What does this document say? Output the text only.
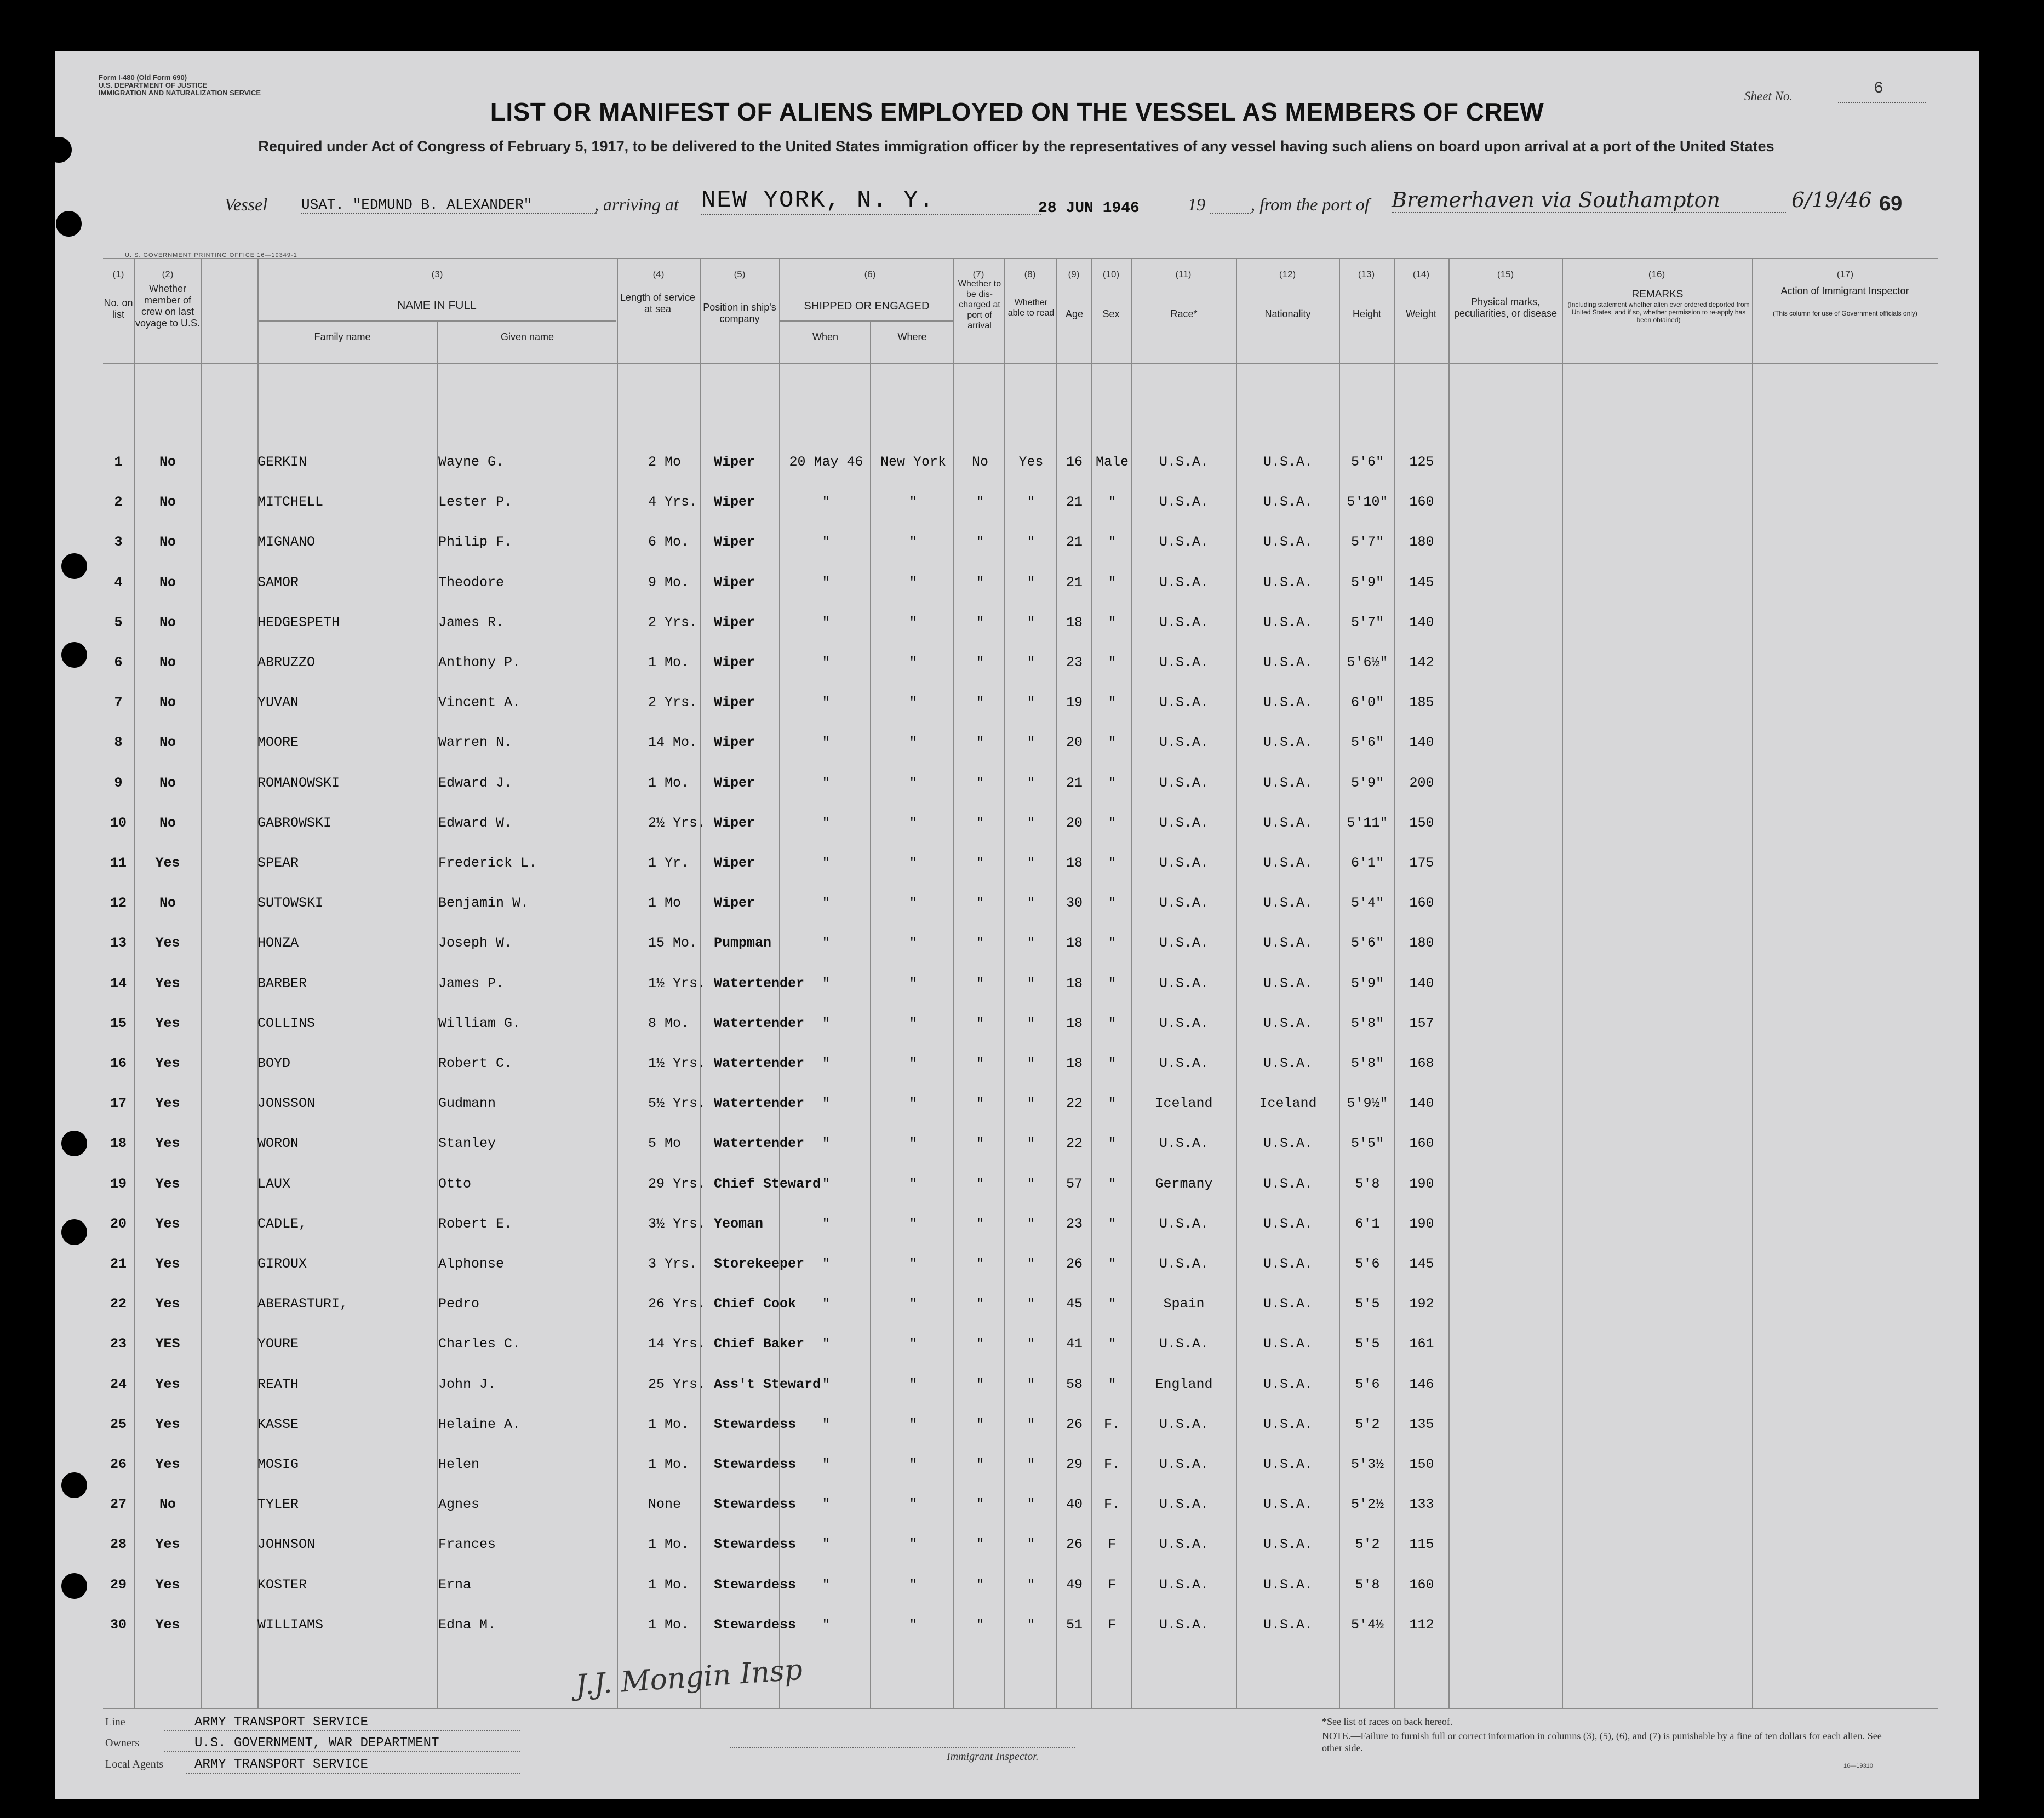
Form I-480 (Old Form 690)
U.S. DEPARTMENT OF JUSTICE
IMMIGRATION AND NATURALIZATION SERVICE	Sheet No.	6
LIST OR MANIFEST OF ALIENS EMPLOYED ON THE VESSEL AS MEMBERS OF CREW
Required under Act of Congress of February 5, 1917, to be delivered to the United States immigration officer by the representatives of any vessel having such aliens on board upon arrival at a port of the United States
Vessel USAT. "EDMUND B. ALEXANDER"	, arriving at NEW YORK, N. Y.	28 JUN 1946	19	, from the port of Bremerhaven via Southampton	6/19/46 69
U. S. GOVERNMENT PRINTING OFFICE 16—19349-1
(1)	(2)	(3)	(4)	(5)	(6)	(7)	(8)	(9)	(10)	(11)	(12)	(13)	(14)	(15)	(16)	(17)
No. on list
Whether member of crew on last voyage to U.S.
NAME IN FULL
Family name	Given name
Length of service at sea	Position in ship's company
SHIPPED OR ENGAGED
When	Where
Whether to be dis-charged at port of arrival
Whether able to read	Age	Sex	Race*	Nationality	Height	Weight
Physical marks, peculiarities, or disease
REMARKS
(Including statement whether alien ever ordered deported from United States, and if so, whether permission to re-apply has been obtained)
Action of Immigrant Inspector
(This column for use of Government officials only)
1	No	GERKIN	Wayne G.	2 Mo	Wiper	20 May 46	New York	No	Yes	16 Male	U.S.A.	U.S.A.	5'6"	125
2	No	MITCHELL	Lester P.	4 Yrs.	Wiper	"	"	"	"	21	"	U.S.A.	U.S.A.	5'10"	160
3	No	MIGNANO	Philip F.	6 Mo.	Wiper	"	"	"	"	21	"	U.S.A.	U.S.A.	5'7"	180
4	No	SAMOR	Theodore	9 Mo.	Wiper	"	"	"	"	21	"	U.S.A.	U.S.A.	5'9"	145
5	No	HEDGESPETH	James R.	2 Yrs.	Wiper	"	"	"	"	18	"	U.S.A.	U.S.A.	5'7"	140
6	No	ABRUZZO	Anthony P.	1 Mo.	Wiper	"	"	"	"	23	"	U.S.A.	U.S.A.	5'6½"	142
7	No	YUVAN	Vincent A.	2 Yrs.	Wiper	"	"	"	"	19	"	U.S.A.	U.S.A.	6'0"	185
8	No	MOORE	Warren N.	14 Mo.	Wiper	"	"	"	"	20	"	U.S.A.	U.S.A.	5'6"	140
9	No	ROMANOWSKI	Edward J.	1 Mo.	Wiper	"	"	"	"	21	"	U.S.A.	U.S.A.	5'9"	200
10	No	GABROWSKI	Edward W.	2½ Yrs. Wiper	"	"	"	"	20	"	U.S.A.	U.S.A.	5'11"	150
11	Yes	SPEAR	Frederick L.	1 Yr.	Wiper	"	"	"	"	18	"	U.S.A.	U.S.A.	6'1"	175
12	No	SUTOWSKI	Benjamin W.	1 Mo	Wiper	"	"	"	"	30	"	U.S.A.	U.S.A.	5'4"	160
13	Yes	HONZA	Joseph W.	15 Mo.	Pumpman	"	"	"	"	18	"	U.S.A.	U.S.A.	5'6"	180
14	Yes	BARBER	James P.	1½ Yrs. Watertender	"	"	"	"	18	"	U.S.A.	U.S.A.	5'9"	140
15	Yes	COLLINS	William G.	8 Mo.	Watertender	"	"	"	"	18	"	U.S.A.	U.S.A.	5'8"	157
16	Yes	BOYD	Robert C.	1½ Yrs. Watertender	"	"	"	"	18	"	U.S.A.	U.S.A.	5'8"	168
17	Yes	JONSSON	Gudmann	5½ Yrs. Watertender	"	"	"	"	22	"	Iceland	Iceland	5'9½"	140
18	Yes	WORON	Stanley	5 Mo	Watertender	"	"	"	"	22	"	U.S.A.	U.S.A.	5'5"	160
19	Yes	LAUX	Otto	29 Yrs. Chief Steward "	"	"	"	57	"	Germany	U.S.A.	5'8	190
20	Yes	CADLE,	Robert E.	3½ Yrs. Yeoman	"	"	"	"	23	"	U.S.A.	U.S.A.	6'1	190
21	Yes	GIROUX	Alphonse	3 Yrs.	Storekeeper	"	"	"	"	26	"	U.S.A.	U.S.A.	5'6	145
22	Yes	ABERASTURI,	Pedro	26 Yrs. Chief Cook	"	"	"	"	45	"	Spain	U.S.A.	5'5	192
23	YES	YOURE	Charles C.	14 Yrs. Chief Baker	"	"	"	"	41	"	U.S.A.	U.S.A.	5'5	161
24	Yes	REATH	John J.	25 Yrs. Ass't Steward "	"	"	"	58	"	England	U.S.A.	5'6	146
25	Yes	KASSE	Helaine A.	1 Mo.	Stewardess	"	"	"	"	26	F.	U.S.A.	U.S.A.	5'2	135
26	Yes	MOSIG	Helen	1 Mo.	Stewardess	"	"	"	"	29	F.	U.S.A.	U.S.A.	5'3½	150
27	No	TYLER	Agnes	None	Stewardess	"	"	"	"	40	F.	U.S.A.	U.S.A.	5'2½	133
28	Yes	JOHNSON	Frances	1 Mo.	Stewardess	"	"	"	"	26	F	U.S.A.	U.S.A.	5'2	115
29	Yes	KOSTER	Erna	1 Mo.	Stewardess	"	"	"	"	49	F	U.S.A.	U.S.A.	5'8	160
30	Yes	WILLIAMS	Edna M.	1 Mo.	Stewardess	"	"	"	"	51	F	U.S.A.	U.S.A.	5'4½	112
J.J. Mongin Insp
Line	ARMY TRANSPORT SERVICE
Owners	U.S. GOVERNMENT, WAR DEPARTMENT
Local Agents ARMY TRANSPORT SERVICE
Immigrant Inspector.
*See list of races on back hereof.
NOTE.—Failure to furnish full or correct information in columns (3), (5), (6), and (7) is punishable by a fine of ten dollars for each alien. See other side.
16—19310
